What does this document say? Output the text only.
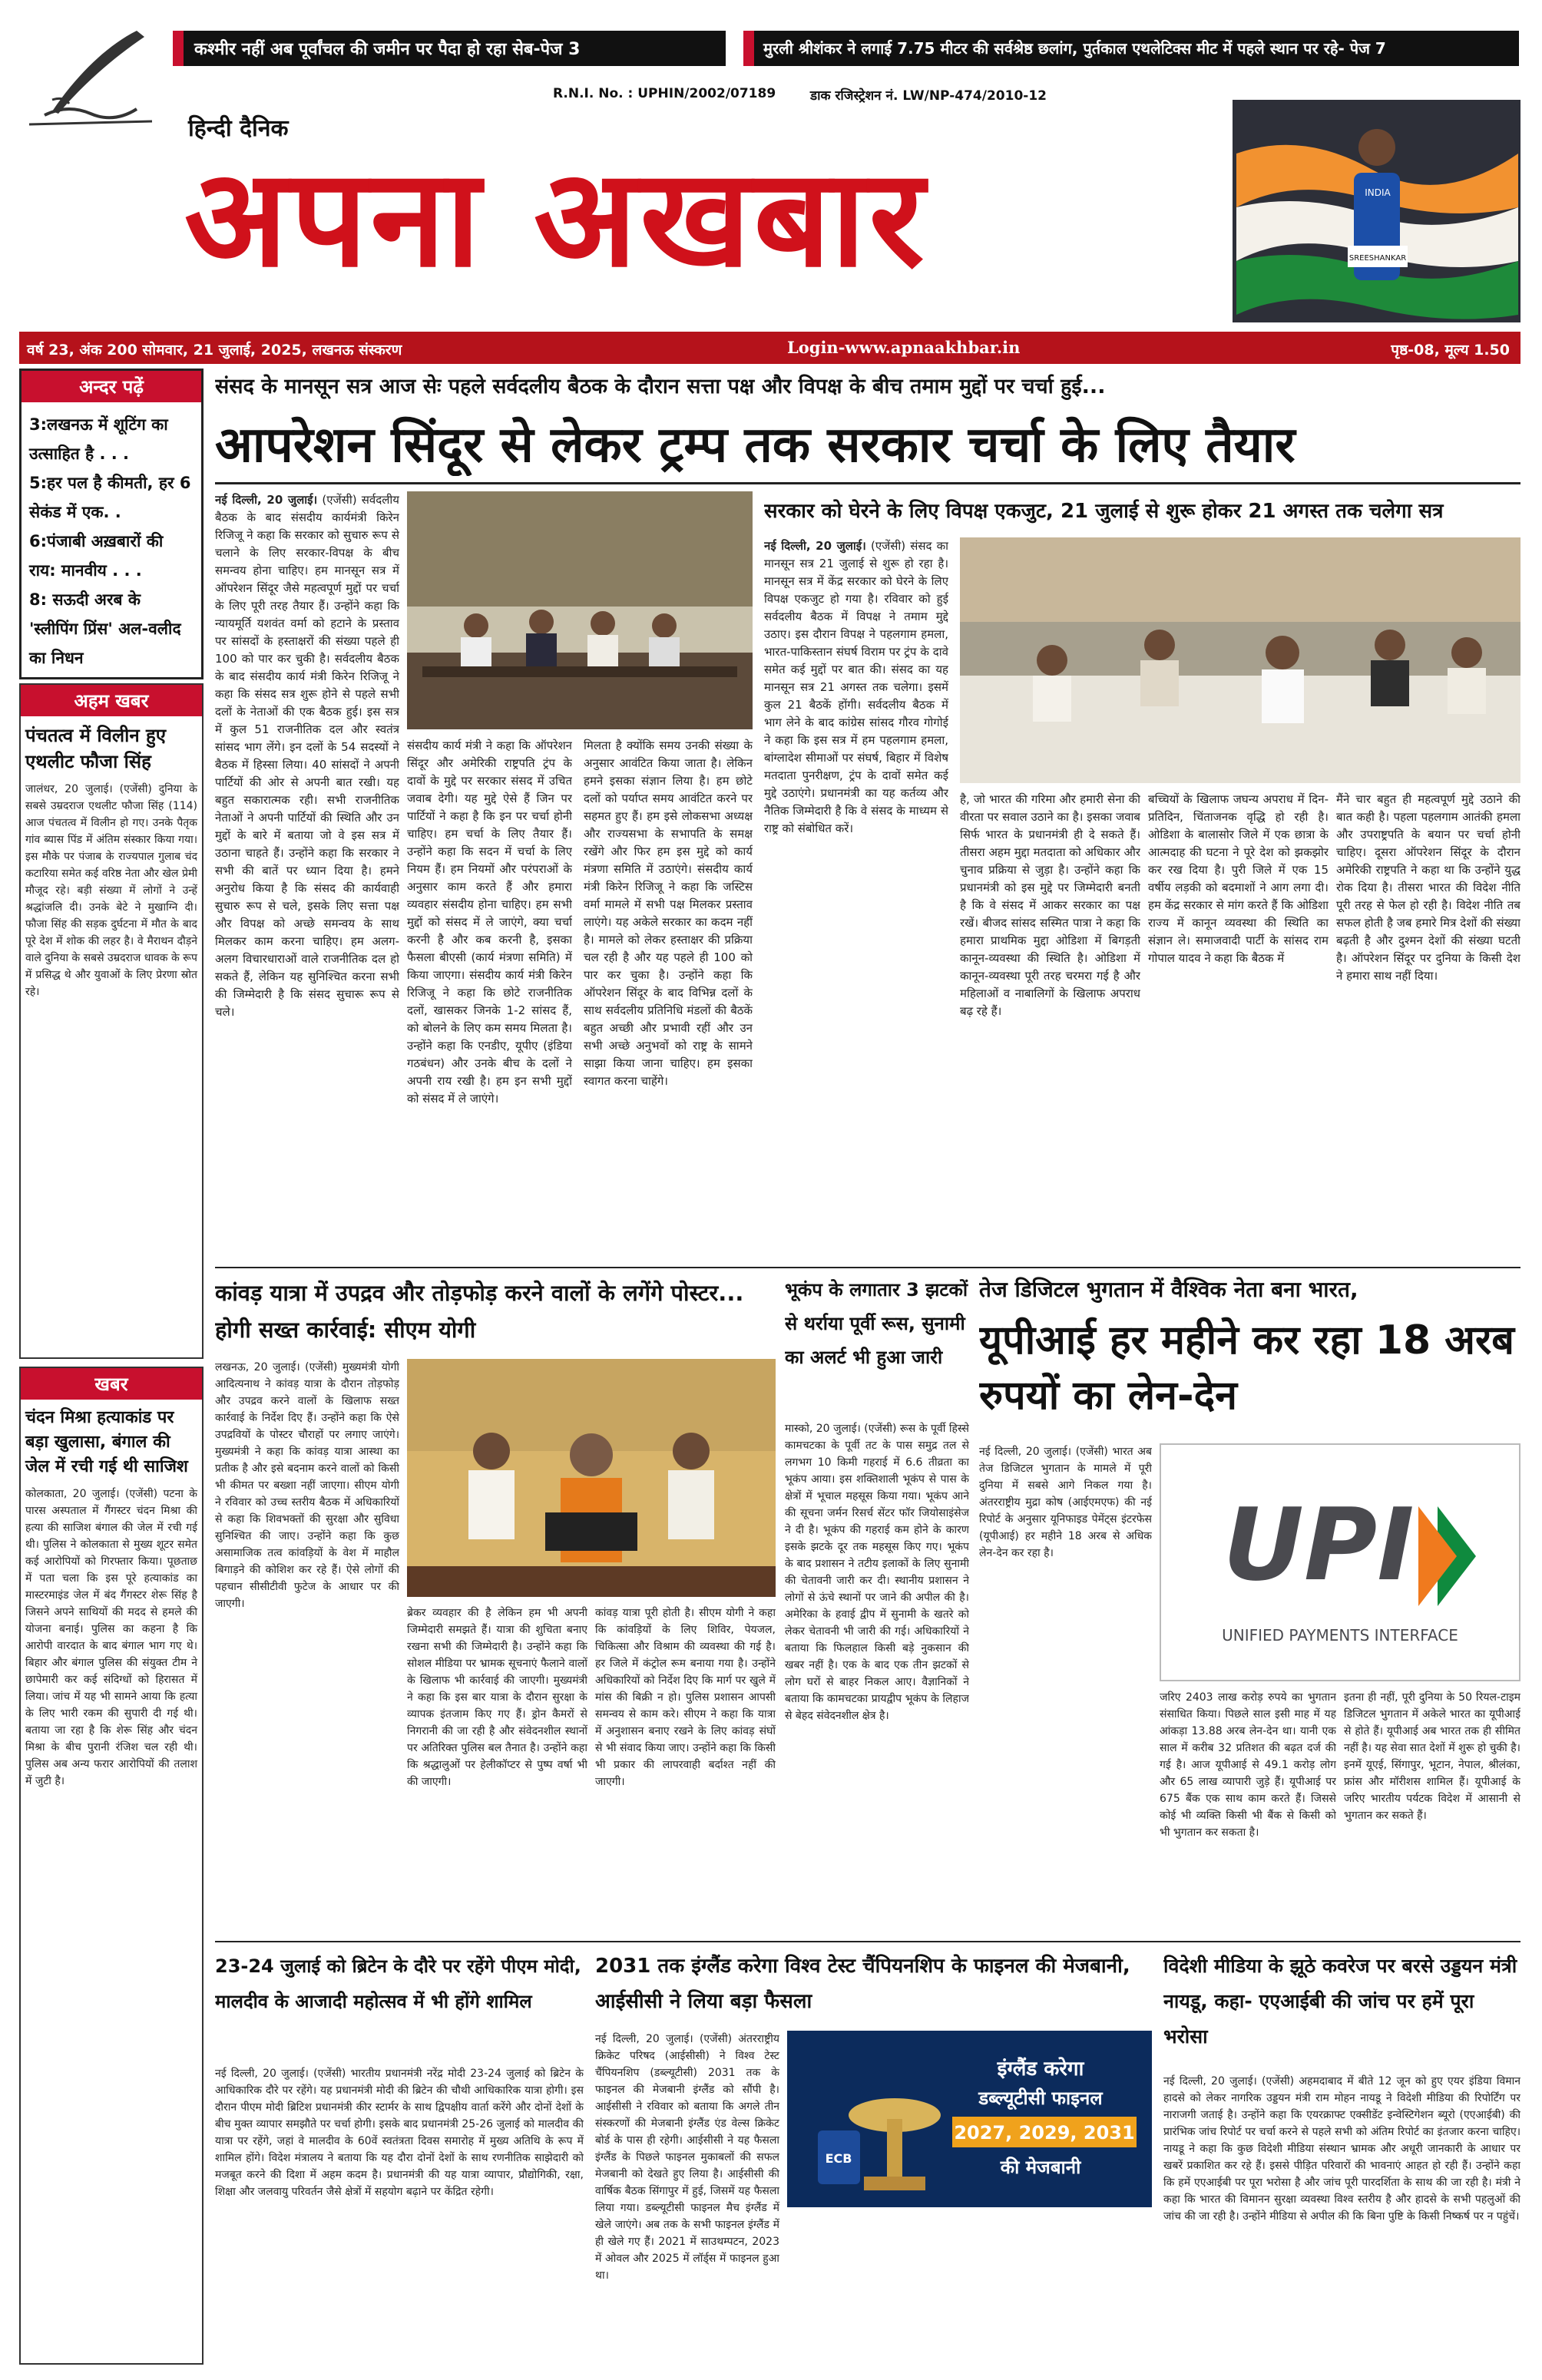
कश्मीर नहीं अब पूर्वांचल की जमीन पर पैदा हो रहा सेब-पेज 3	मुरली श्रीशंकर ने लगाई 7.75 मीटर की सर्वश्रेष्ठ छलांग, पुर्तकाल एथलेटिक्स मीट में पहले स्थान पर रहे- पेज 7
R.N.I. No. : UPHIN/2002/07189	डाक रजिस्ट्रेशन नं. LW/NP-474/2010-12
हिन्दी दैनिक
अपना अखबार	INDIA
SREESHANKAR
वर्ष 23, अंक 200 सोमवार, 21 जुलाई, 2025, लखनऊ संस्करण	Login-www.apnaakhbar.in	पृष्ठ-08, मूल्य 1.50
अन्दर पढ़ें
3:लखनऊ में शूटिंग का उत्साहित है . . .
5:हर पल है कीमती, हर 6 सेकंड में एक. .
6:पंजाबी अख़बारों की राय: मानवीय . . .
8: सऊदी अरब के 'स्लीपिंग प्रिंस' अल-वलीद का निधन
अहम खबर
पंचतत्व में विलीन हुए एथलीट फौजा सिंह
जालंधर, 20 जुलाई। (एजेंसी) दुनिया के सबसे उम्रदराज एथलीट फौजा सिंह (114) आज पंचतत्व में विलीन हो गए। उनके पैतृक गांव ब्यास पिंड में अंतिम संस्कार किया गया। इस मौके पर पंजाब के राज्यपाल गुलाब चंद कटारिया समेत कई वरिष्ठ नेता और खेल प्रेमी मौजूद रहे। बड़ी संख्या में लोगों ने उन्हें श्रद्धांजलि दी। उनके बेटे ने मुखाग्नि दी। फौजा सिंह की सड़क दुर्घटना में मौत के बाद पूरे देश में शोक की लहर है। वे मैराथन दौड़ने वाले दुनिया के सबसे उम्रदराज धावक के रूप में प्रसिद्ध थे और युवाओं के लिए प्रेरणा स्रोत रहे।
खबर
चंदन मिश्रा हत्याकांड पर बड़ा खुलासा, बंगाल की जेल में रची गई थी साजिश
कोलकाता, 20 जुलाई। (एजेंसी) पटना के पारस अस्पताल में गैंगस्टर चंदन मिश्रा की हत्या की साजिश बंगाल की जेल में रची गई थी। पुलिस ने कोलकाता से मुख्य शूटर समेत कई आरोपियों को गिरफ्तार किया। पूछताछ में पता चला कि इस पूरे हत्याकांड का मास्टरमाइंड जेल में बंद गैंगस्टर शेरू सिंह है जिसने अपने साथियों की मदद से हमले की योजना बनाई। पुलिस का कहना है कि आरोपी वारदात के बाद बंगाल भाग गए थे। बिहार और बंगाल पुलिस की संयुक्त टीम ने छापेमारी कर कई संदिग्धों को हिरासत में लिया। जांच में यह भी सामने आया कि हत्या के लिए भारी रकम की सुपारी दी गई थी। बताया जा रहा है कि शेरू सिंह और चंदन मिश्रा के बीच पुरानी रंजिश चल रही थी। पुलिस अब अन्य फरार आरोपियों की तलाश में जुटी है।
संसद के मानसून सत्र आज सेः पहले सर्वदलीय बैठक के दौरान सत्ता पक्ष और विपक्ष के बीच तमाम मुद्दों पर चर्चा हुई...
आपरेशन सिंदूर से लेकर ट्रम्प तक सरकार चर्चा के लिए तैयार

नई दिल्ली, 20 जुलाई। (एजेंसी) सर्वदलीय बैठक के बाद संसदीय कार्यमंत्री किरेन रिजिजू ने कहा कि सरकार को सुचारु रूप से चलाने के लिए सरकार-विपक्ष के बीच समन्वय होना चाहिए। हम मानसून सत्र में ऑपरेशन सिंदूर जैसे महत्वपूर्ण मुद्दों पर चर्चा के लिए पूरी तरह तैयार हैं। उन्होंने कहा कि न्यायमूर्ति यशवंत वर्मा को हटाने के प्रस्ताव पर सांसदों के हस्ताक्षरों की संख्या पहले ही 100 को पार कर चुकी है। सर्वदलीय बैठक के बाद संसदीय कार्य मंत्री किरेन रिजिजू ने कहा कि संसद सत्र शुरू होने से पहले सभी दलों के नेताओं की एक बैठक हुई। इस सत्र में कुल 51 राजनीतिक दल और स्वतंत्र सांसद भाग लेंगे। इन दलों के 54 सदस्यों ने बैठक में हिस्सा लिया। 40 सांसदों ने अपनी पार्टियों की ओर से अपनी बात रखी। यह बहुत सकारात्मक रही। सभी राजनीतिक नेताओं ने अपनी पार्टियों की स्थिति और उन मुद्दों के बारे में बताया जो वे इस सत्र में उठाना चाहते हैं। उन्होंने कहा कि सरकार ने सभी की बातें पर ध्यान दिया है। हमने अनुरोध किया है कि संसद की कार्यवाही सुचारु रूप से चले, इसके लिए सत्ता पक्ष और विपक्ष को अच्छे समन्वय के साथ मिलकर काम करना चाहिए। हम अलग-अलग विचारधाराओं वाले राजनीतिक दल हो सकते हैं, लेकिन यह सुनिश्चित करना सभी की जिम्मेदारी है कि संसद सुचारू रूप से चले।

संसदीय कार्य मंत्री ने कहा कि ऑपरेशन सिंदूर और अमेरिकी राष्ट्रपति ट्रंप के दावों के मुद्दे पर सरकार संसद में उचित जवाब देगी। यह मुद्दे ऐसे हैं जिन पर पार्टियों ने कहा है कि इन पर चर्चा होनी चाहिए। हम चर्चा के लिए तैयार हैं। उन्होंने कहा कि सदन में चर्चा के लिए नियम हैं। हम नियमों और परंपराओं के अनुसार काम करते हैं और हमारा व्यवहार संसदीय होना चाहिए। हम सभी मुद्दों को संसद में ले जाएंगे, क्या चर्चा करनी है और कब करनी है, इसका फैसला बीएसी (कार्य मंत्रणा समिति) में किया जाएगा। संसदीय कार्य मंत्री किरेन रिजिजू ने कहा कि छोटे राजनीतिक दलों, खासकर जिनके 1-2 सांसद हैं, को बोलने के लिए कम समय मिलता है। उन्होंने कहा कि एनडीए, यूपीए (इंडिया गठबंधन) और उनके बीच के दलों ने अपनी राय रखी है। हम इन सभी मुद्दों को संसद में ले जाएंगे।
मिलता है क्योंकि समय उनकी संख्या के अनुसार आवंटित किया जाता है। लेकिन हमने इसका संज्ञान लिया है। हम छोटे दलों को पर्याप्त समय आवंटित करने पर सहमत हुए हैं। हम इसे लोकसभा अध्यक्ष और राज्यसभा के सभापति के समक्ष रखेंगे और फिर हम इस मुद्दे को कार्य मंत्रणा समिति में उठाएंगे। संसदीय कार्य मंत्री किरेन रिजिजू ने कहा कि जस्टिस वर्मा मामले में सभी पक्ष मिलकर प्रस्ताव लाएंगे। यह अकेले सरकार का कदम नहीं है। मामले को लेकर हस्ताक्षर की प्रक्रिया चल रही है और यह पहले ही 100 को पार कर चुका है। उन्होंने कहा कि ऑपरेशन सिंदूर के बाद विभिन्न दलों के साथ सर्वदलीय प्रतिनिधि मंडलों की बैठकें बहुत अच्छी और प्रभावी रहीं और उन सभी अच्छे अनुभवों को राष्ट्र के सामने साझा किया जाना चाहिए। हम इसका स्वागत करना चाहेंगे।
सरकार को घेरने के लिए विपक्ष एकजुट, 21 जुलाई से शुरू होकर 21 अगस्त तक चलेगा सत्र

नई दिल्ली, 20 जुलाई। (एजेंसी) संसद का मानसून सत्र 21 जुलाई से शुरू हो रहा है। मानसून सत्र में केंद्र सरकार को घेरने के लिए विपक्ष एकजुट हो गया है। रविवार को हुई सर्वदलीय बैठक में विपक्ष ने तमाम मुद्दे उठाए। इस दौरान विपक्ष ने पहलगाम हमला, भारत-पाकिस्तान संघर्ष विराम पर ट्रंप के दावे समेत कई मुद्दों पर बात की। संसद का यह मानसून सत्र 21 अगस्त तक चलेगा। इसमें कुल 21 बैठकें होंगी। सर्वदलीय बैठक में भाग लेने के बाद कांग्रेस सांसद गौरव गोगोई ने कहा कि इस सत्र में हम पहलगाम हमला, बांग्लादेश सीमाओं पर संघर्ष, बिहार में विशेष मतदाता पुनरीक्षण, ट्रंप के दावों समेत कई मुद्दे उठाएंगे। प्रधानमंत्री का यह कर्तव्य और नैतिक जिम्मेदारी है कि वे संसद के माध्यम से राष्ट्र को संबोधित करें।

है, जो भारत की गरिमा और हमारी सेना की वीरता पर सवाल उठाने का है। इसका जवाब सिर्फ भारत के प्रधानमंत्री ही दे सकते हैं। तीसरा अहम मुद्दा मतदाता को अधिकार और चुनाव प्रक्रिया से जुड़ा है। उन्होंने कहा कि प्रधानमंत्री को इस मुद्दे पर जिम्मेदारी बनती है कि वे संसद में आकर सरकार का पक्ष रखें। बीजद सांसद सस्मित पात्रा ने कहा कि हमारा प्राथमिक मुद्दा ओडिशा में बिगड़ती कानून-व्यवस्था की स्थिति है। ओडिशा में कानून-व्यवस्था पूरी तरह चरमरा गई है और महिलाओं व नाबालिगों के खिलाफ अपराध बढ़ रहे हैं।
बच्चियों के खिलाफ जघन्य अपराध में दिन-प्रतिदिन, चिंताजनक वृद्धि हो रही है। ओडिशा के बालासोर जिले में एक छात्रा के आत्मदाह की घटना ने पूरे देश को झकझोर कर रख दिया है। पुरी जिले में एक 15 वर्षीय लड़की को बदमाशों ने आग लगा दी। हम केंद्र सरकार से मांग करते हैं कि ओडिशा राज्य में कानून व्यवस्था की स्थिति का संज्ञान ले। समाजवादी पार्टी के सांसद राम गोपाल यादव ने कहा कि बैठक में
मैंने चार बहुत ही महत्वपूर्ण मुद्दे उठाने की बात कही है। पहला पहलगाम आतंकी हमला और उपराष्ट्रपति के बयान पर चर्चा होनी चाहिए। दूसरा ऑपरेशन सिंदूर के दौरान अमेरिकी राष्ट्रपति ने कहा था कि उन्होंने युद्ध रोक दिया है। तीसरा भारत की विदेश नीति पूरी तरह से फेल हो रही है। विदेश नीति तब सफल होती है जब हमारे मित्र देशों की संख्या बढ़ती है और दुश्मन देशों की संख्या घटती है। ऑपरेशन सिंदूर पर दुनिया के किसी देश ने हमारा साथ नहीं दिया।
कांवड़ यात्रा में उपद्रव और तोड़फोड़ करने वालों के लगेंगे पोस्टर... होगी सख्त कार्रवाई: सीएम योगी
लखनऊ, 20 जुलाई। (एजेंसी) मुख्यमंत्री योगी आदित्यनाथ ने कांवड़ यात्रा के दौरान तोड़फोड़ और उपद्रव करने वालों के खिलाफ सख्त कार्रवाई के निर्देश दिए हैं। उन्होंने कहा कि ऐसे उपद्रवियों के पोस्टर चौराहों पर लगाए जाएंगे। मुख्यमंत्री ने कहा कि कांवड़ यात्रा आस्था का प्रतीक है और इसे बदनाम करने वालों को किसी भी कीमत पर बख्शा नहीं जाएगा। सीएम योगी ने रविवार को उच्च स्तरीय बैठक में अधिकारियों से कहा कि शिवभक्तों की सुरक्षा और सुविधा सुनिश्चित की जाए। उन्होंने कहा कि कुछ असामाजिक तत्व कांवड़ियों के वेश में माहौल बिगाड़ने की कोशिश कर रहे हैं। ऐसे लोगों की पहचान सीसीटीवी फुटेज के आधार पर की जाएगी।
ब्रेकर व्यवहार की है लेकिन हम भी अपनी जिम्मेदारी समझते हैं। यात्रा की शुचिता बनाए रखना सभी की जिम्मेदारी है। उन्होंने कहा कि सोशल मीडिया पर भ्रामक सूचनाएं फैलाने वालों के खिलाफ भी कार्रवाई की जाएगी। मुख्यमंत्री ने कहा कि इस बार यात्रा के दौरान सुरक्षा के व्यापक इंतजाम किए गए हैं। ड्रोन कैमरों से निगरानी की जा रही है और संवेदनशील स्थानों पर अतिरिक्त पुलिस बल तैनात है। उन्होंने कहा कि श्रद्धालुओं पर हेलीकॉप्टर से पुष्प वर्षा भी की जाएगी।
कांवड़ यात्रा पूरी होती है। सीएम योगी ने कहा कि कांवड़ियों के लिए शिविर, पेयजल, चिकित्सा और विश्राम की व्यवस्था की गई है। हर जिले में कंट्रोल रूम बनाया गया है। उन्होंने अधिकारियों को निर्देश दिए कि मार्ग पर खुले में मांस की बिक्री न हो। पुलिस प्रशासन आपसी समन्वय से काम करे। सीएम ने कहा कि यात्रा में अनुशासन बनाए रखने के लिए कांवड़ संघों से भी संवाद किया जाए। उन्होंने कहा कि किसी भी प्रकार की लापरवाही बर्दाश्त नहीं की जाएगी।
भूकंप के लगातार 3 झटकों से थर्राया पूर्वी रूस, सुनामी का अलर्ट भी हुआ जारी
मास्को, 20 जुलाई। (एजेंसी) रूस के पूर्वी हिस्से कामचटका के पूर्वी तट के पास समुद्र तल से लगभग 10 किमी गहराई में 6.6 तीव्रता का भूकंप आया। इस शक्तिशाली भूकंप से पास के क्षेत्रों में भूचाल महसूस किया गया। भूकंप आने की सूचना जर्मन रिसर्च सेंटर फॉर जियोसाइंसेज ने दी है। भूकंप की गहराई कम होने के कारण इसके झटके दूर तक महसूस किए गए। भूकंप के बाद प्रशासन ने तटीय इलाकों के लिए सुनामी की चेतावनी जारी कर दी। स्थानीय प्रशासन ने लोगों से ऊंचे स्थानों पर जाने की अपील की है। अमेरिका के हवाई द्वीप में सुनामी के खतरे को लेकर चेतावनी भी जारी की गई। अधिकारियों ने बताया कि फिलहाल किसी बड़े नुकसान की खबर नहीं है। एक के बाद एक तीन झटकों से लोग घरों से बाहर निकल आए। वैज्ञानिकों ने बताया कि कामचटका प्रायद्वीप भूकंप के लिहाज से बेहद संवेदनशील क्षेत्र है।
तेज डिजिटल भुगतान में वैश्विक नेता बना भारत,
यूपीआई हर महीने कर रहा 18 अरब रुपयों का लेन-देन
नई दिल्ली, 20 जुलाई। (एजेंसी) भारत अब तेज डिजिटल भुगतान के मामले में पूरी दुनिया में सबसे आगे निकल गया है। अंतरराष्ट्रीय मुद्रा कोष (आईएमएफ) की नई रिपोर्ट के अनुसार यूनिफाइड पेमेंट्स इंटरफेस (यूपीआई) हर महीने 18 अरब से अधिक लेन-देन कर रहा है।	UPI
UNIFIED PAYMENTS INTERFACE
जरिए 2403 लाख करोड़ रुपये का भुगतान संसाधित किया। पिछले साल इसी माह में यह आंकड़ा 13.88 अरब लेन-देन था। यानी एक साल में करीब 32 प्रतिशत की बढ़त दर्ज की गई है। आज यूपीआई से 49.1 करोड़ लोग और 65 लाख व्यापारी जुड़े हैं। यूपीआई पर 675 बैंक एक साथ काम करते हैं। जिससे कोई भी व्यक्ति किसी भी बैंक से किसी को भी भुगतान कर सकता है।
इतना ही नहीं, पूरी दुनिया के 50 रियल-टाइम डिजिटल भुगतान में अकेले भारत का यूपीआई से होते हैं। यूपीआई अब भारत तक ही सीमित नहीं है। यह सेवा सात देशों में शुरू हो चुकी है। इनमें यूएई, सिंगापुर, भूटान, नेपाल, श्रीलंका, फ्रांस और मॉरीशस शामिल हैं। यूपीआई के जरिए भारतीय पर्यटक विदेश में आसानी से भुगतान कर सकते हैं।
23-24 जुलाई को ब्रिटेन के दौरे पर रहेंगे पीएम मोदी, मालदीव के आजादी महोत्सव में भी होंगे शामिल
नई दिल्ली, 20 जुलाई। (एजेंसी) भारतीय प्रधानमंत्री नरेंद्र मोदी 23-24 जुलाई को ब्रिटेन के आधिकारिक दौरे पर रहेंगे। यह प्रधानमंत्री मोदी की ब्रिटेन की चौथी आधिकारिक यात्रा होगी। इस दौरान पीएम मोदी ब्रिटिश प्रधानमंत्री कीर स्टार्मर के साथ द्विपक्षीय वार्ता करेंगे और दोनों देशों के बीच मुक्त व्यापार समझौते पर चर्चा होगी। इसके बाद प्रधानमंत्री 25-26 जुलाई को मालदीव की यात्रा पर रहेंगे, जहां वे मालदीव के 60वें स्वतंत्रता दिवस समारोह में मुख्य अतिथि के रूप में शामिल होंगे। विदेश मंत्रालय ने बताया कि यह दौरा दोनों देशों के साथ रणनीतिक साझेदारी को मजबूत करने की दिशा में अहम कदम है। प्रधानमंत्री की यह यात्रा व्यापार, प्रौद्योगिकी, रक्षा, शिक्षा और जलवायु परिवर्तन जैसे क्षेत्रों में सहयोग बढ़ाने पर केंद्रित रहेगी।
2031 तक इंग्लैंड करेगा विश्व टेस्ट चैंपियनशिप के फाइनल की मेजबानी, आईसीसी ने लिया बड़ा फैसला
नई दिल्ली, 20 जुलाई। (एजेंसी) अंतरराष्ट्रीय क्रिकेट परिषद (आईसीसी) ने विश्व टेस्ट चैंपियनशिप (डब्ल्यूटीसी) 2031 तक के फाइनल की मेजबानी इंग्लैंड को सौंपी है। आईसीसी ने रविवार को बताया कि अगले तीन संस्करणों की मेजबानी इंग्लैंड एंड वेल्स क्रिकेट बोर्ड के पास ही रहेगी। आईसीसी ने यह फैसला इंग्लैंड के पिछले फाइनल मुकाबलों की सफल मेजबानी को देखते हुए लिया है। आईसीसी की वार्षिक बैठक सिंगापुर में हुई, जिसमें यह फैसला लिया गया। डब्ल्यूटीसी फाइनल मैच इंग्लैंड में खेले जाएंगे। अब तक के सभी फाइनल इंग्लैंड में ही खेले गए हैं। 2021 में साउथम्पटन, 2023 में ओवल और 2025 में लॉर्ड्स में फाइनल हुआ था।
ECB
इंग्लैंड करेगा
डब्ल्यूटीसी फाइनल
2027, 2029, 2031
की मेजबानी
विदेशी मीडिया के झूठे कवरेज पर बरसे उड्डयन मंत्री नायडू, कहा- एएआईबी की जांच पर हमें पूरा भरोसा
नई दिल्ली, 20 जुलाई। (एजेंसी) अहमदाबाद में बीते 12 जून को हुए एयर इंडिया विमान हादसे को लेकर नागरिक उड्डयन मंत्री राम मोहन नायडू ने विदेशी मीडिया की रिपोर्टिंग पर नाराजगी जताई है। उन्होंने कहा कि एयरक्राफ्ट एक्सीडेंट इन्वेस्टिगेशन ब्यूरो (एएआईबी) की प्रारंभिक जांच रिपोर्ट पर चर्चा करने से पहले सभी को अंतिम रिपोर्ट का इंतजार करना चाहिए। नायडू ने कहा कि कुछ विदेशी मीडिया संस्थान भ्रामक और अधूरी जानकारी के आधार पर खबरें प्रकाशित कर रहे हैं। इससे पीड़ित परिवारों की भावनाएं आहत हो रही हैं। उन्होंने कहा कि हमें एएआईबी पर पूरा भरोसा है और जांच पूरी पारदर्शिता के साथ की जा रही है। मंत्री ने कहा कि भारत की विमानन सुरक्षा व्यवस्था विश्व स्तरीय है और हादसे के सभी पहलुओं की जांच की जा रही है। उन्होंने मीडिया से अपील की कि बिना पुष्टि के किसी निष्कर्ष पर न पहुंचें।
